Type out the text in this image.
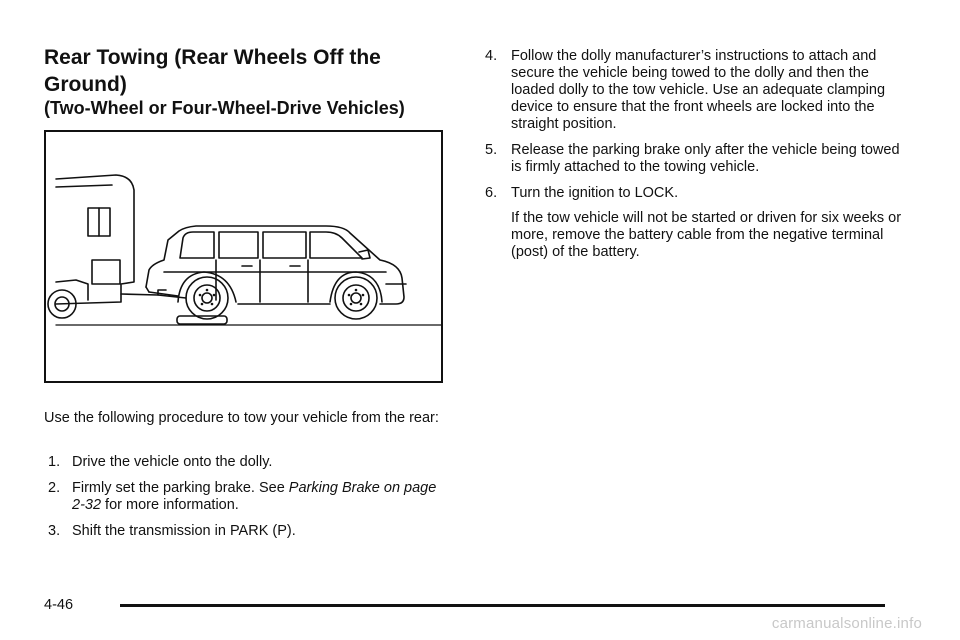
Rear Towing (Rear Wheels Off the Ground)
(Two-Wheel or Four-Wheel-Drive Vehicles)

Use the following procedure to tow your vehicle from the rear:

1. Drive the vehicle onto the dolly.
2. Firmly set the parking brake. See Parking Brake on page 2-32 for more information.
3. Shift the transmission in PARK (P).
4. Follow the dolly manufacturer’s instructions to attach and secure the vehicle being towed to the dolly and then the loaded dolly to the tow vehicle. Use an adequate clamping device to ensure that the front wheels are locked into the straight position.
5. Release the parking brake only after the vehicle being towed is firmly attached to the towing vehicle.
6. Turn the ignition to LOCK.

If the tow vehicle will not be started or driven for six weeks or more, remove the battery cable from the negative terminal (post) of the battery.

4-46
carmanualsonline.info
